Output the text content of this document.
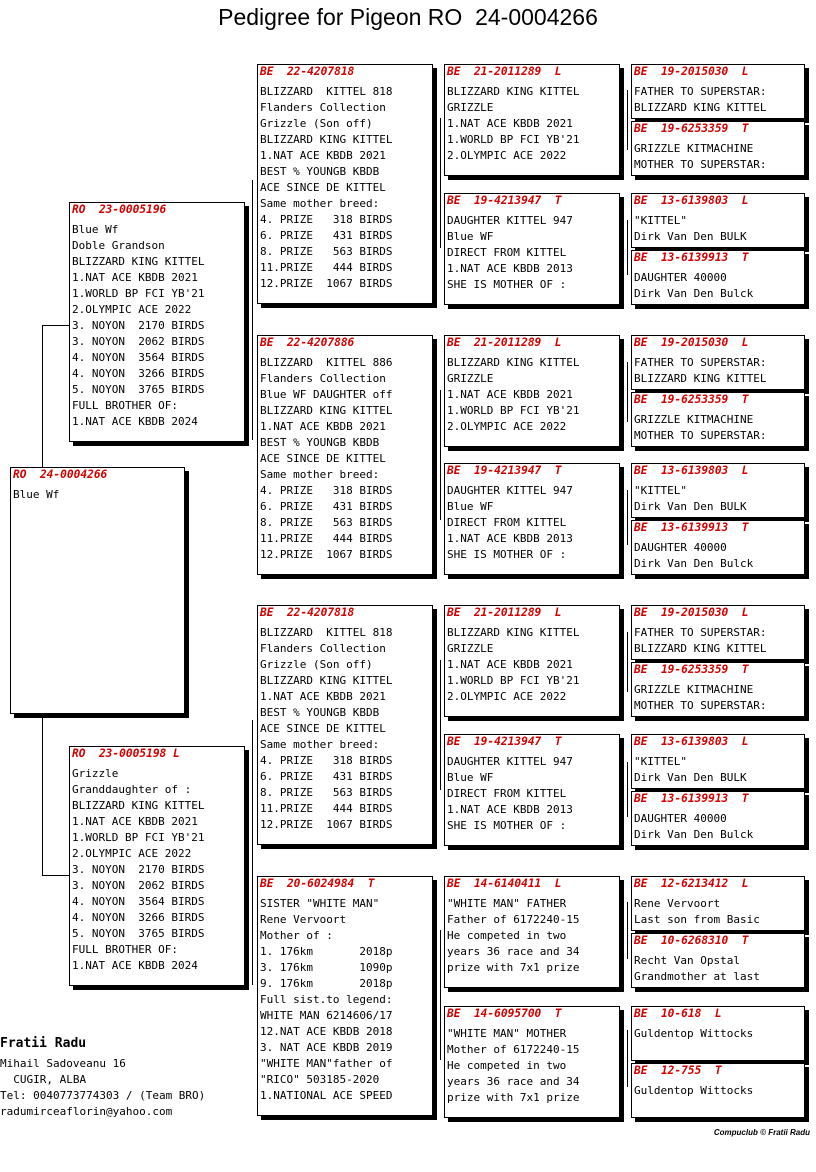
Pedigree for Pigeon RO  24-0004266
RO  24-0004266
Blue Wf
RO  23-0005196
Blue Wf
Doble Grandson
BLIZZARD KING KITTEL
1.NAT ACE KBDB 2021
1.WORLD BP FCI YB'21
2.OLYMPIC ACE 2022
3. NOYON  2170 BIRDS
3. NOYON  2062 BIRDS
4. NOYON  3564 BIRDS
4. NOYON  3266 BIRDS
5. NOYON  3765 BIRDS
FULL BROTHER OF:
1.NAT ACE KBDB 2024
RO  23-0005198 L
Grizzle
Granddaughter of :
BLIZZARD KING KITTEL
1.NAT ACE KBDB 2021
1.WORLD BP FCI YB'21
2.OLYMPIC ACE 2022
3. NOYON  2170 BIRDS
3. NOYON  2062 BIRDS
4. NOYON  3564 BIRDS
4. NOYON  3266 BIRDS
5. NOYON  3765 BIRDS
FULL BROTHER OF:
1.NAT ACE KBDB 2024
BE  22-4207818
BLIZZARD  KITTEL 818
Flanders Collection
Grizzle (Son off)
BLIZZARD KING KITTEL
1.NAT ACE KBDB 2021
BEST % YOUNGB KBDB
ACE SINCE DE KITTEL
Same mother breed:
4. PRIZE   318 BIRDS
6. PRIZE   431 BIRDS
8. PRIZE   563 BIRDS
11.PRIZE   444 BIRDS
12.PRIZE  1067 BIRDS
BE  22-4207886
BLIZZARD  KITTEL 886
Flanders Collection
Blue WF DAUGHTER off
BLIZZARD KING KITTEL
1.NAT ACE KBDB 2021
BEST % YOUNGB KBDB
ACE SINCE DE KITTEL
Same mother breed:
4. PRIZE   318 BIRDS
6. PRIZE   431 BIRDS
8. PRIZE   563 BIRDS
11.PRIZE   444 BIRDS
12.PRIZE  1067 BIRDS
BE  22-4207818
BLIZZARD  KITTEL 818
Flanders Collection
Grizzle (Son off)
BLIZZARD KING KITTEL
1.NAT ACE KBDB 2021
BEST % YOUNGB KBDB
ACE SINCE DE KITTEL
Same mother breed:
4. PRIZE   318 BIRDS
6. PRIZE   431 BIRDS
8. PRIZE   563 BIRDS
11.PRIZE   444 BIRDS
12.PRIZE  1067 BIRDS
BE  20-6024984  T
SISTER "WHITE MAN"
Rene Vervoort
Mother of :
1. 176km       2018p
3. 176km       1090p
9. 176km       2018p
Full sist.to legend:
WHITE MAN 6214606/17
12.NAT ACE KBDB 2018
3. NAT ACE KBDB 2019
"WHITE MAN"father of
"RICO" 503185-2020
1.NATIONAL ACE SPEED
BE  21-2011289  L
BLIZZARD KING KITTEL
GRIZZLE
1.NAT ACE KBDB 2021
1.WORLD BP FCI YB'21
2.OLYMPIC ACE 2022
BE  19-4213947  T
DAUGHTER KITTEL 947
Blue WF
DIRECT FROM KITTEL
1.NAT ACE KBDB 2013
SHE IS MOTHER OF :
BE  21-2011289  L
BLIZZARD KING KITTEL
GRIZZLE
1.NAT ACE KBDB 2021
1.WORLD BP FCI YB'21
2.OLYMPIC ACE 2022
BE  19-4213947  T
DAUGHTER KITTEL 947
Blue WF
DIRECT FROM KITTEL
1.NAT ACE KBDB 2013
SHE IS MOTHER OF :
BE  21-2011289  L
BLIZZARD KING KITTEL
GRIZZLE
1.NAT ACE KBDB 2021
1.WORLD BP FCI YB'21
2.OLYMPIC ACE 2022
BE  19-4213947  T
DAUGHTER KITTEL 947
Blue WF
DIRECT FROM KITTEL
1.NAT ACE KBDB 2013
SHE IS MOTHER OF :
BE  14-6140411  L
"WHITE MAN" FATHER
Father of 6172240-15
He competed in two
years 36 race and 34
prize with 7x1 prize
BE  14-6095700  T
"WHITE MAN" MOTHER
Mother of 6172240-15
He competed in two
years 36 race and 34
prize with 7x1 prize
BE  19-2015030  L
FATHER TO SUPERSTAR:
BLIZZARD KING KITTEL
BE  19-6253359  T
GRIZZLE KITMACHINE
MOTHER TO SUPERSTAR:
BE  13-6139803  L
"KITTEL"
Dirk Van Den BULK
BE  13-6139913  T
DAUGHTER 40000
Dirk Van Den Bulck
BE  19-2015030  L
FATHER TO SUPERSTAR:
BLIZZARD KING KITTEL
BE  19-6253359  T
GRIZZLE KITMACHINE
MOTHER TO SUPERSTAR:
BE  13-6139803  L
"KITTEL"
Dirk Van Den BULK
BE  13-6139913  T
DAUGHTER 40000
Dirk Van Den Bulck
BE  19-2015030  L
FATHER TO SUPERSTAR:
BLIZZARD KING KITTEL
BE  19-6253359  T
GRIZZLE KITMACHINE
MOTHER TO SUPERSTAR:
BE  13-6139803  L
"KITTEL"
Dirk Van Den BULK
BE  13-6139913  T
DAUGHTER 40000
Dirk Van Den Bulck
BE  12-6213412  L
Rene Vervoort
Last son from Basic
BE  10-6268310  T
Recht Van Opstal
Grandmother at last
BE  10-618  L
Guldentop Wittocks
BE  12-755  T
Guldentop Wittocks
Fratii Radu
Mihail Sadoveanu 16
CUGIR, ALBA
Tel: 0040773774303 / (Team BRO)
radumirceaflorin@yahoo.com
Compuclub © Fratii Radu
